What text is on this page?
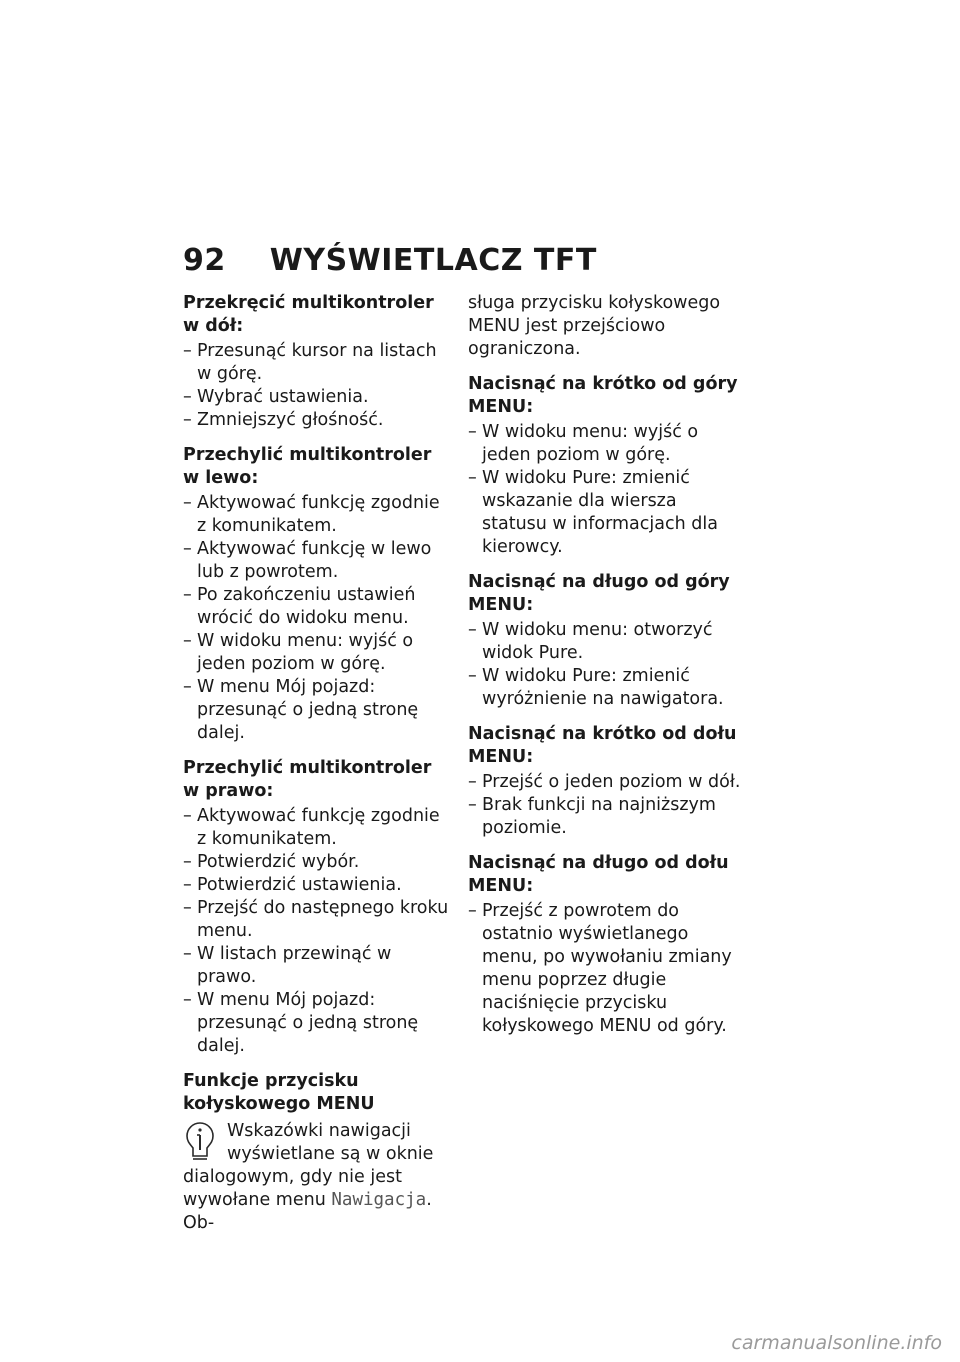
92 WYŚWIETLACZ TFT
Przekręcić multikontroler w dół:
– Przesunąć kursor na listach w górę.
– Wybrać ustawienia.
– Zmniejszyć głośność.
Przechylić multikontroler w lewo:
– Aktywować funkcję zgodnie z komunikatem.
– Aktywować funkcję w lewo lub z powrotem.
– Po zakończeniu ustawień wrócić do widoku menu.
– W widoku menu: wyjść o jeden poziom w górę.
– W menu Mój pojazd: przesunąć o jedną stronę dalej.
Przechylić multikontroler w prawo:
– Aktywować funkcję zgodnie z komunikatem.
– Potwierdzić wybór.
– Potwierdzić ustawienia.
– Przejść do następnego kroku menu.
– W listach przewinąć w prawo.
– W menu Mój pojazd: przesunąć o jedną stronę dalej.
Funkcje przycisku kołyskowego MENU
Wskazówki nawigacji wyświetlane są w oknie dialogowym, gdy nie jest wywołane menu Nawigacja. Ob-

sługa przycisku kołyskowego MENU jest przejściowo ograniczona.

Nacisnąć na krótko od góry MENU:
– W widoku menu: wyjść o jeden poziom w górę.
– W widoku Pure: zmienić wskazanie dla wiersza statusu w informacjach dla kierowcy.
Nacisnąć na długo od góry MENU:
– W widoku menu: otworzyć widok Pure.
– W widoku Pure: zmienić wyróżnienie na nawigatora.
Nacisnąć na krótko od dołu MENU:
– Przejść o jeden poziom w dół.
– Brak funkcji na najniższym poziomie.
Nacisnąć na długo od dołu MENU:
– Przejść z powrotem do ostatnio wyświetlanego menu, po wywołaniu zmiany menu poprzez długie naciśnięcie przycisku kołyskowego MENU od góry.
carmanualsonline.info
